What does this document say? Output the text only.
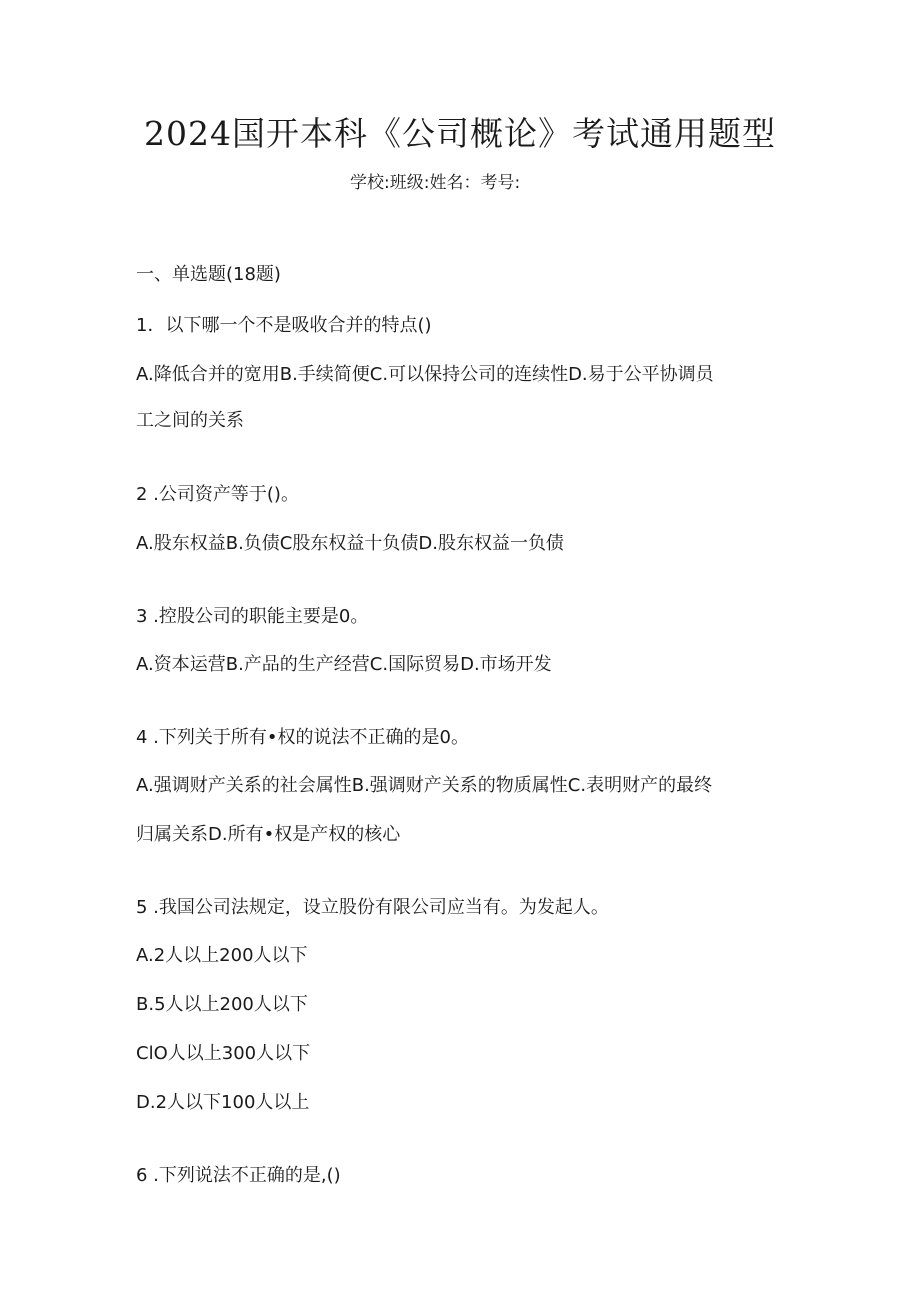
2024国开本科《公司概论》考试通用题型
学校:班级:姓名：考号:
一、单选题(18题)
1．以下哪一个不是吸收合并的特点()
A.降低合并的宽用B.手续简便C.可以保持公司的连续性D.易于公平协调员
工之间的关系
2 .公司资产等于()。
A.股东权益B.负债C股东权益十负债D.股东权益一负债
3 .控股公司的职能主要是0。
A.资本运营B.产品的生产经营C.国际贸易D.市场开发
4 .下列关于所有•权的说法不正确的是0。
A.强调财产关系的社会属性B.强调财产关系的物质属性C.表明财产的最终
归属关系D.所有•权是产权的核心
5 .我国公司法规定，设立股份有限公司应当有。为发起人。
A.2人以上200人以下
B.5人以上200人以下
ClO人以上300人以下
D.2人以下100人以上
6 .下列说法不正确的是,()
